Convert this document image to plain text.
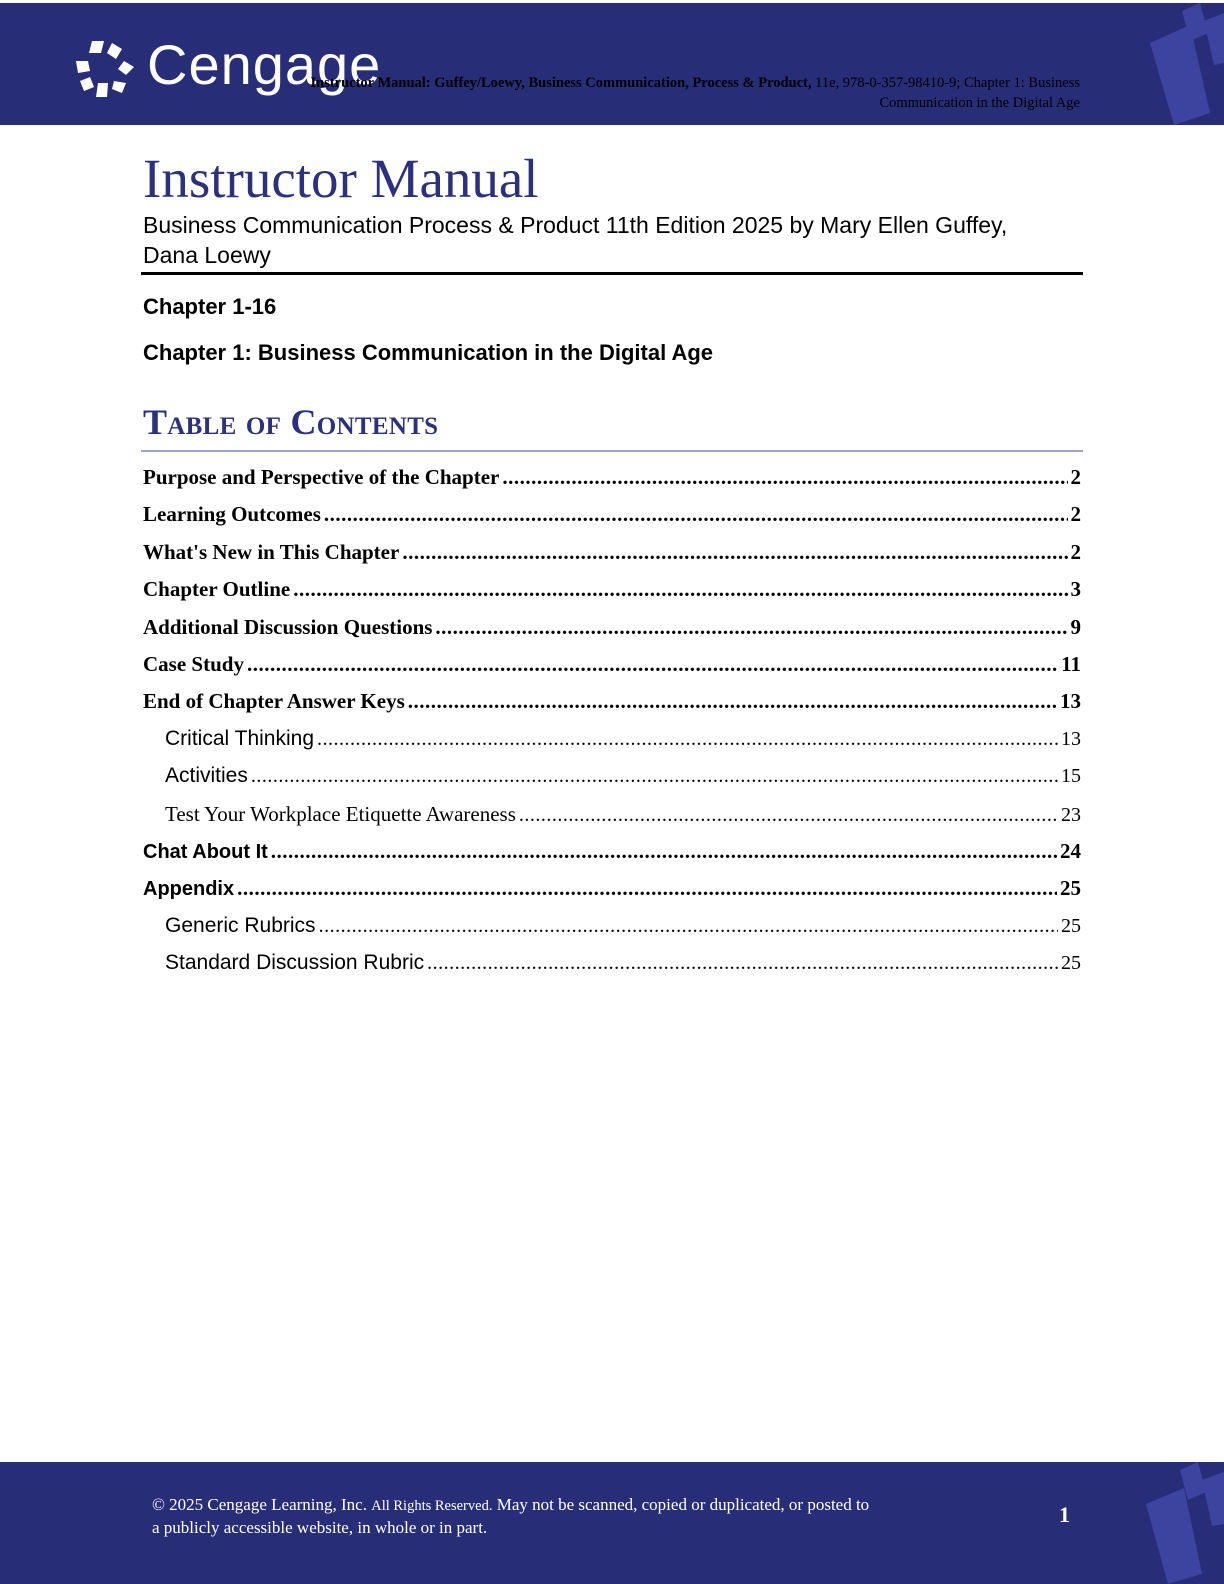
Cengage
Instructor Manual: Guffey/Loewy, Business Communication, Process & Product, 11e, 978-0-357-98410-9; Chapter 1: Business Communication in the Digital Age
Instructor Manual
Business Communication Process & Product 11th Edition 2025 by Mary Ellen Guffey, Dana Loewy
Chapter 1-16
Chapter 1: Business Communication in the Digital Age
Table of Contents
Purpose and Perspective of the Chapter .....	2
Learning Outcomes .....	2
What's New in This Chapter .....	2
Chapter Outline .....	3
Additional Discussion Questions .....	9
Case Study .....	11
End of Chapter Answer Keys .....	13
Critical Thinking .....	13
Activities .....	15
Test Your Workplace Etiquette Awareness .....	23
Chat About It .....	24
Appendix .....	25
Generic Rubrics .....	25
Standard Discussion Rubric .....	25
© 2025 Cengage Learning, Inc. All Rights Reserved. May not be scanned, copied or duplicated, or posted to a publicly accessible website, in whole or in part.
1
